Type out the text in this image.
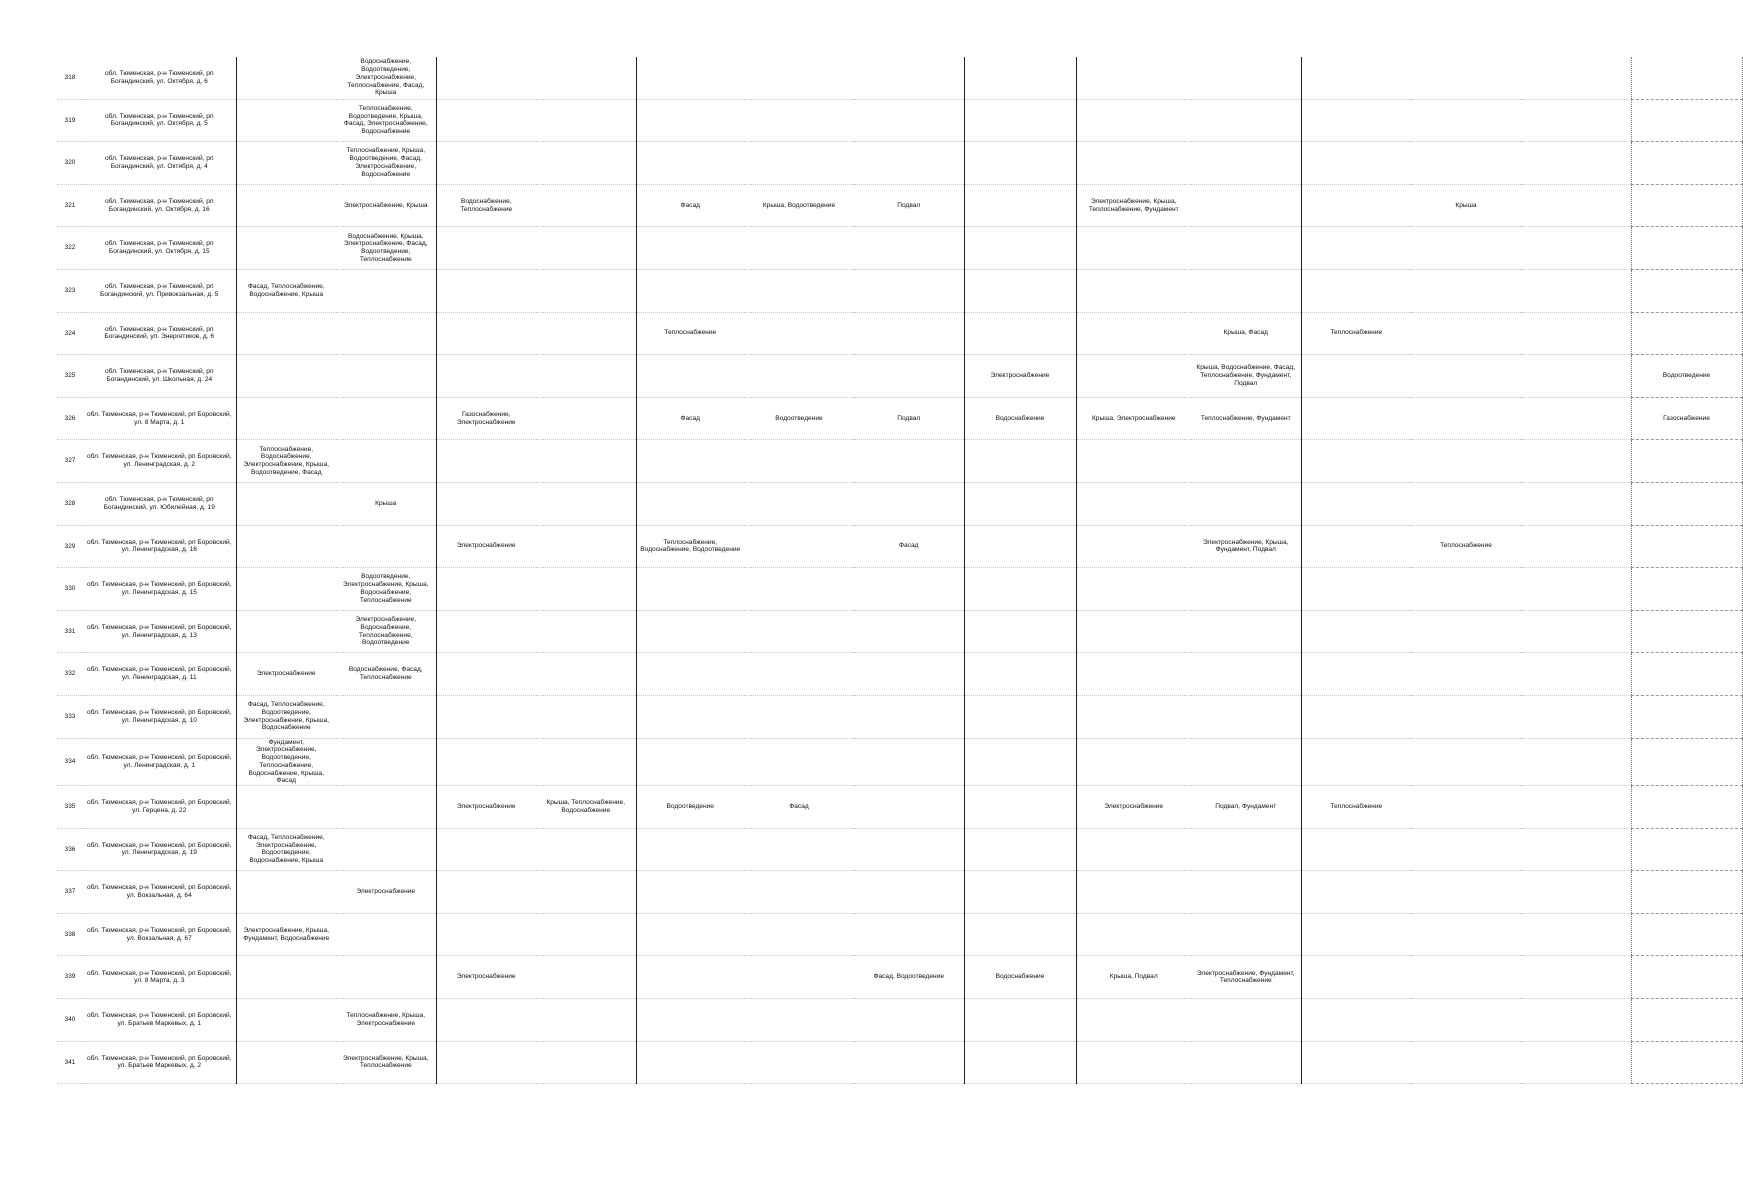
318	обл. Тюменская, р-н Тюменский, рп Богандинский, ул. Октября, д. 6		Водоснабжение, Водоотведение, Электроснабжение, Теплоснабжение, Фасад, Крыша												
319	обл. Тюменская, р-н Тюменский, рп Богандинский, ул. Октября, д. 5		Теплоснабжение, Водоотведение, Крыша, Фасад, Электроснабжение, Водоснабжение												
320	обл. Тюменская, р-н Тюменский, рп Богандинский, ул. Октября, д. 4		Теплоснабжение, Крыша, Водоотведение, Фасад, Электроснабжение, Водоснабжение												
321	обл. Тюменская, р-н Тюменский, рп Богандинский, ул. Октября, д. 16		Электроснабжение, Крыша	Водоснабжение, Теплоснабжение		Фасад	Крыша, Водоотведение	Подвал		Электроснабжение, Крыша, Теплоснабжение, Фундамент			Крыша		
322	обл. Тюменская, р-н Тюменский, рп Богандинский, ул. Октября, д. 15		Водоснабжение, Крыша, Электроснабжение, Фасад, Водоотведение, Теплоснабжение												
323	обл. Тюменская, р-н Тюменский, рп Богандинский, ул. Привокзальная, д. 5	Фасад, Теплоснабжение, Водоснабжение, Крыша													
324	обл. Тюменская, р-н Тюменский, рп Богандинский, ул. Энергетиков, д. 6					Теплоснабжение					Крыша, Фасад	Теплоснабжение			
325	обл. Тюменская, р-н Тюменский, рп Богандинский, ул. Школьная, д. 24								Электроснабжение		Крыша, Водоснабжение, Фасад, Теплоснабжение, Фундамент, Подвал				Водоотведение
326	обл. Тюменская, р-н Тюменский, рп Боровский, ул. 8 Марта, д. 1			Газоснабжение, Электроснабжение		Фасад	Водоотведение	Подвал	Водоснабжение	Крыша, Электроснабжение	Теплоснабжение, Фундамент				Газоснабжение
327	обл. Тюменская, р-н Тюменский, рп Боровский, ул. Ленинградская, д. 2	Теплоснабжение, Водоснабжение, Электроснабжение, Крыша, Водоотведение, Фасад													
328	обл. Тюменская, р-н Тюменский, рп Богандинский, ул. Юбилейная, д. 19		Крыша												
329	обл. Тюменская, р-н Тюменский, рп Боровский, ул. Ленинградская, д. 16			Электроснабжение		Теплоснабжение, Водоснабжение, Водоотведение		Фасад			Электроснабжение, Крыша, Фундамент, Подвал		Теплоснабжение		
330	обл. Тюменская, р-н Тюменский, рп Боровский, ул. Ленинградская, д. 15		Водоотведение, Электроснабжение, Крыша, Водоснабжение, Теплоснабжение												
331	обл. Тюменская, р-н Тюменский, рп Боровский, ул. Ленинградская, д. 13		Электроснабжение, Водоснабжение, Теплоснабжение, Водоотведение												
332	обл. Тюменская, р-н Тюменский, рп Боровский, ул. Ленинградская, д. 11	Электроснабжение	Водоснабжение, Фасад, Теплоснабжение												
333	обл. Тюменская, р-н Тюменский, рп Боровский, ул. Ленинградская, д. 10	Фасад, Теплоснабжение, Водоотведение, Электроснабжение, Крыша, Водоснабжение													
334	обл. Тюменская, р-н Тюменский, рп Боровский, ул. Ленинградская, д. 1	Фундамент, Электроснабжение, Водоотведение, Теплоснабжение, Водоснабжение, Крыша, Фасад													
335	обл. Тюменская, р-н Тюменский, рп Боровский, ул. Герцена, д. 22			Электроснабжение	Крыша, Теплоснабжение, Водоснабжение	Водоотведение	Фасад			Электроснабжение	Подвал, Фундамент	Теплоснабжение			
336	обл. Тюменская, р-н Тюменский, рп Боровский, ул. Ленинградская, д. 19	Фасад, Теплоснабжение, Электроснабжение, Водоотведение, Водоснабжение, Крыша													
337	обл. Тюменская, р-н Тюменский, рп Боровский, ул. Вокзальная, д. 64		Электроснабжение												
338	обл. Тюменская, р-н Тюменский, рп Боровский, ул. Вокзальная, д. 67	Электроснабжение, Крыша, Фундамент, Водоснабжение													
339	обл. Тюменская, р-н Тюменский, рп Боровский, ул. 8 Марта, д. 3			Электроснабжение				Фасад, Водоотведение	Водоснабжение	Крыша, Подвал	Электроснабжение, Фундамент, Теплоснабжение				
340	обл. Тюменская, р-н Тюменский, рп Боровский, ул. Братьев Маркевых, д. 1		Теплоснабжение, Крыша, Электроснабжение												
341	обл. Тюменская, р-н Тюменский, рп Боровский, ул. Братьев Маркевых, д. 2		Электроснабжение, Крыша, Теплоснабжение												
